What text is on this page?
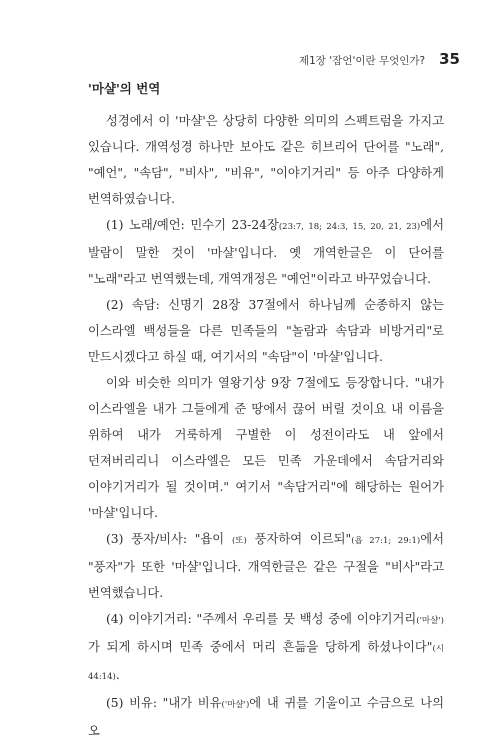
제1장 '잠언'이란 무엇인가? 35
'마샬'의 번역

성경에서 이 '마샬'은 상당히 다양한 의미의 스펙트럼을 가지고 있습니다. 개역성경 하나만 보아도 같은 히브리어 단어를 "노래", "예언", "속담", "비사", "비유", "이야기거리" 등 아주 다양하게 번역하였습니다.

(1) 노래/예언: 민수기 23-24장(23:7, 18; 24:3, 15, 20, 21, 23)에서 발람이 말한 것이 '마샬'입니다. 옛 개역한글은 이 단어를 "노래"라고 번역했는데, 개역개정은 "예언"이라고 바꾸었습니다.

(2) 속담: 신명기 28장 37절에서 하나님께 순종하지 않는 이스라엘 백성들을 다른 민족들의 "놀람과 속담과 비방거리"로 만드시겠다고 하실 때, 여기서의 "속담"이 '마샬'입니다.

이와 비슷한 의미가 열왕기상 9장 7절에도 등장합니다. "내가 이스라엘을 내가 그들에게 준 땅에서 끊어 버릴 것이요 내 이름을 위하여 내가 거룩하게 구별한 이 성전이라도 내 앞에서 던져버리리니 이스라엘은 모든 민족 가운데에서 속담거리와 이야기거리가 될 것이며." 여기서 "속담거리"에 해당하는 원어가 '마샬'입니다.

(3) 풍자/비사: "욥이 (또) 풍자하여 이르되"(욥 27:1; 29:1)에서 "풍자"가 또한 '마샬'입니다. 개역한글은 같은 구절을 "비사"라고 번역했습니다.

(4) 이야기거리: "주께서 우리를 뭇 백성 중에 이야기거리('마샬')가 되게 하시며 민족 중에서 머리 흔듦을 당하게 하셨나이다"(시 44:14).

(5) 비유: "내가 비유('마샬')에 내 귀를 기울이고 수금으로 나의 오
